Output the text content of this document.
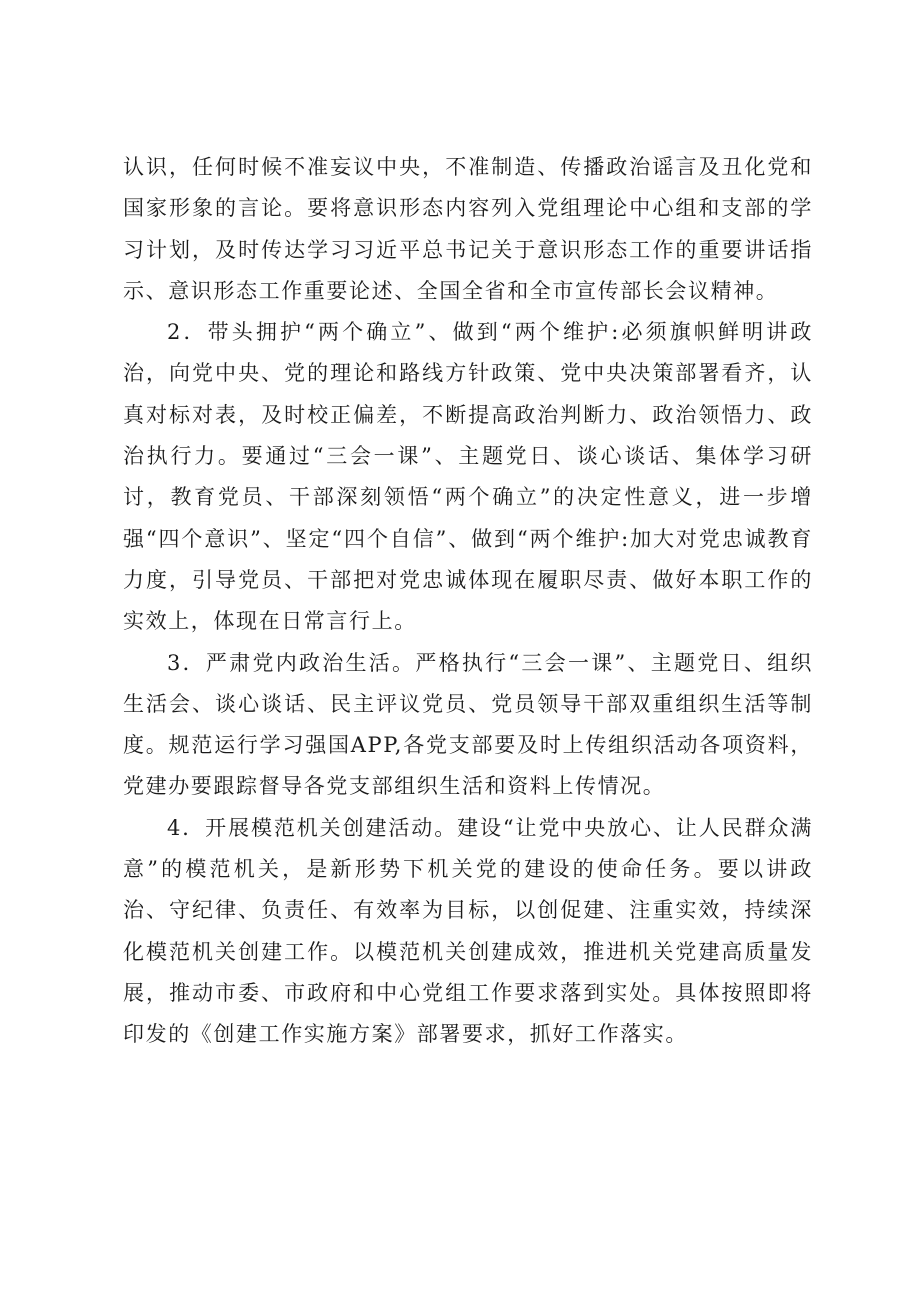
认识，任何时候不准妄议中央，不准制造、传播政治谣言及丑化党和国家形象的言论。要将意识形态内容列入党组理论中心组和支部的学习计划，及时传达学习习近平总书记关于意识形态工作的重要讲话指示、意识形态工作重要论述、全国全省和全市宣传部长会议精神。

2．带头拥护“两个确立”、做到“两个维护:必须旗帜鲜明讲政治，向党中央、党的理论和路线方针政策、党中央决策部署看齐，认真对标对表，及时校正偏差，不断提高政治判断力、政治领悟力、政治执行力。要通过“三会一课”、主题党日、谈心谈话、集体学习研讨，教育党员、干部深刻领悟“两个确立”的决定性意义，进一步增强“四个意识”、坚定“四个自信”、做到“两个维护:加大对党忠诚教育力度，引导党员、干部把对党忠诚体现在履职尽责、做好本职工作的实效上，体现在日常言行上。

3．严肃党内政治生活。严格执行“三会一课”、主题党日、组织生活会、谈心谈话、民主评议党员、党员领导干部双重组织生活等制度。规范运行学习强国APP,各党支部要及时上传组织活动各项资料，党建办要跟踪督导各党支部组织生活和资料上传情况。

4．开展模范机关创建活动。建设“让党中央放心、让人民群众满意”的模范机关，是新形势下机关党的建设的使命任务。要以讲政治、守纪律、负责任、有效率为目标，以创促建、注重实效，持续深化模范机关创建工作。以模范机关创建成效，推进机关党建高质量发展，推动市委、市政府和中心党组工作要求落到实处。具体按照即将印发的《创建工作实施方案》部署要求，抓好工作落实。
